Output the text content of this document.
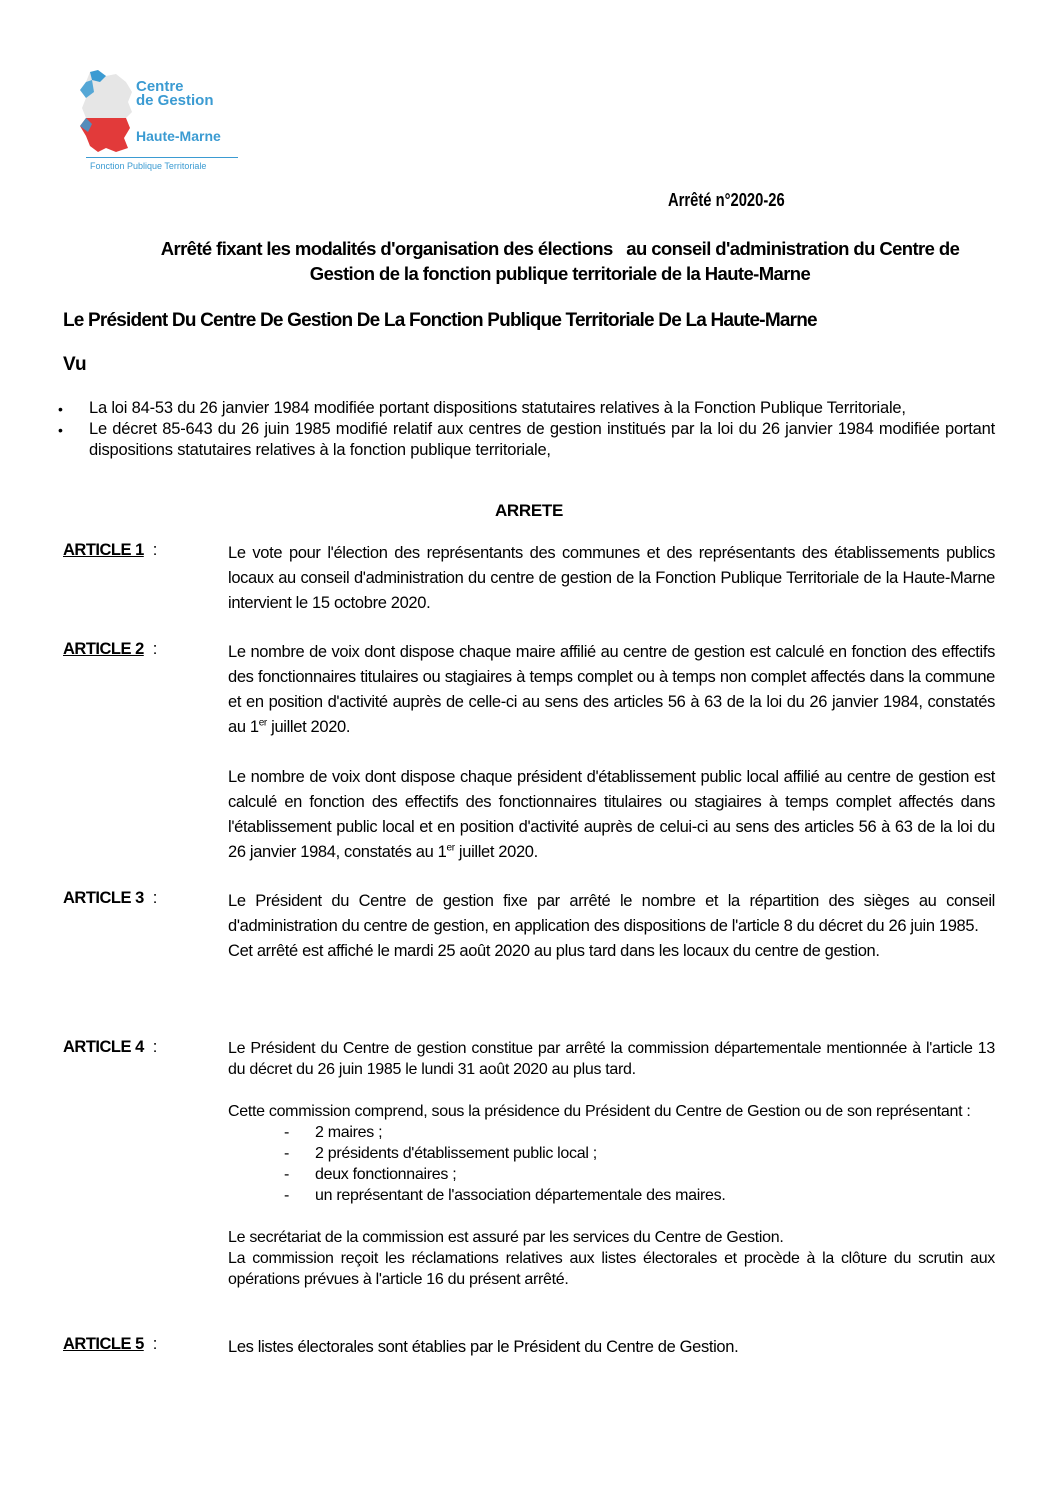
Centre
de Gestion
Haute-Marne
Fonction Publique Territoriale
Arrêté n°2020-26
Arrêté fixant les modalités d'organisation des élections   au conseil d'administration du Centre de
Gestion de la fonction publique territoriale de la Haute-Marne
Le Président Du Centre De Gestion De La Fonction Publique Territoriale De La Haute-Marne
Vu
• La loi 84-53 du 26 janvier 1984 modifiée portant dispositions statutaires relatives à la Fonction Publique Territoriale,
• Le décret 85-643 du 26 juin 1985 modifié relatif aux centres de gestion institués par la loi du 26 janvier 1984 modifiée portant dispositions statutaires relatives à la fonction publique territoriale,
ARRETE
ARTICLE 1 :	Le vote pour l'élection des représentants des communes et des représentants des établissements publics locaux au conseil d'administration du centre de gestion de la Fonction Publique Territoriale de la Haute-Marne intervient le 15 octobre 2020.

ARTICLE 2 :	Le nombre de voix dont dispose chaque maire affilié au centre de gestion est calculé en fonction des effectifs des fonctionnaires titulaires ou stagiaires à temps complet ou à temps non complet affectés dans la commune et en position d'activité auprès de celle-ci au sens des articles 56 à 63 de la loi du 26 janvier 1984, constatés au 1er juillet 2020.

Le nombre de voix dont dispose chaque président d'établissement public local affilié au centre de gestion est calculé en fonction des effectifs des fonctionnaires titulaires ou stagiaires à temps complet affectés dans l'établissement public local et en position d'activité auprès de celui-ci au sens des articles 56 à 63 de la loi du 26 janvier 1984, constatés au 1er juillet 2020.

ARTICLE 3 :	Le Président du Centre de gestion fixe par arrêté le nombre et la répartition des sièges au conseil d'administration du centre de gestion, en application des dispositions de l'article 8 du décret du 26 juin 1985.

Cet arrêté est affiché le mardi 25 août 2020 au plus tard dans les locaux du centre de gestion.

ARTICLE 4 :	Le Président du Centre de gestion constitue par arrêté la commission départementale mentionnée à l'article 13 du décret du 26 juin 1985 le lundi 31 août 2020 au plus tard.

Cette commission comprend, sous la présidence du Président du Centre de Gestion ou de son représentant :

- 2 maires ;
- 2 présidents d'établissement public local ;
- deux fonctionnaires ;
- un représentant de l'association départementale des maires.

Le secrétariat de la commission est assuré par les services du Centre de Gestion.

La commission reçoit les réclamations relatives aux listes électorales et procède à la clôture du scrutin aux opérations prévues à l'article 16 du présent arrêté.

ARTICLE 5 :	Les listes électorales sont établies par le Président du Centre de Gestion.
